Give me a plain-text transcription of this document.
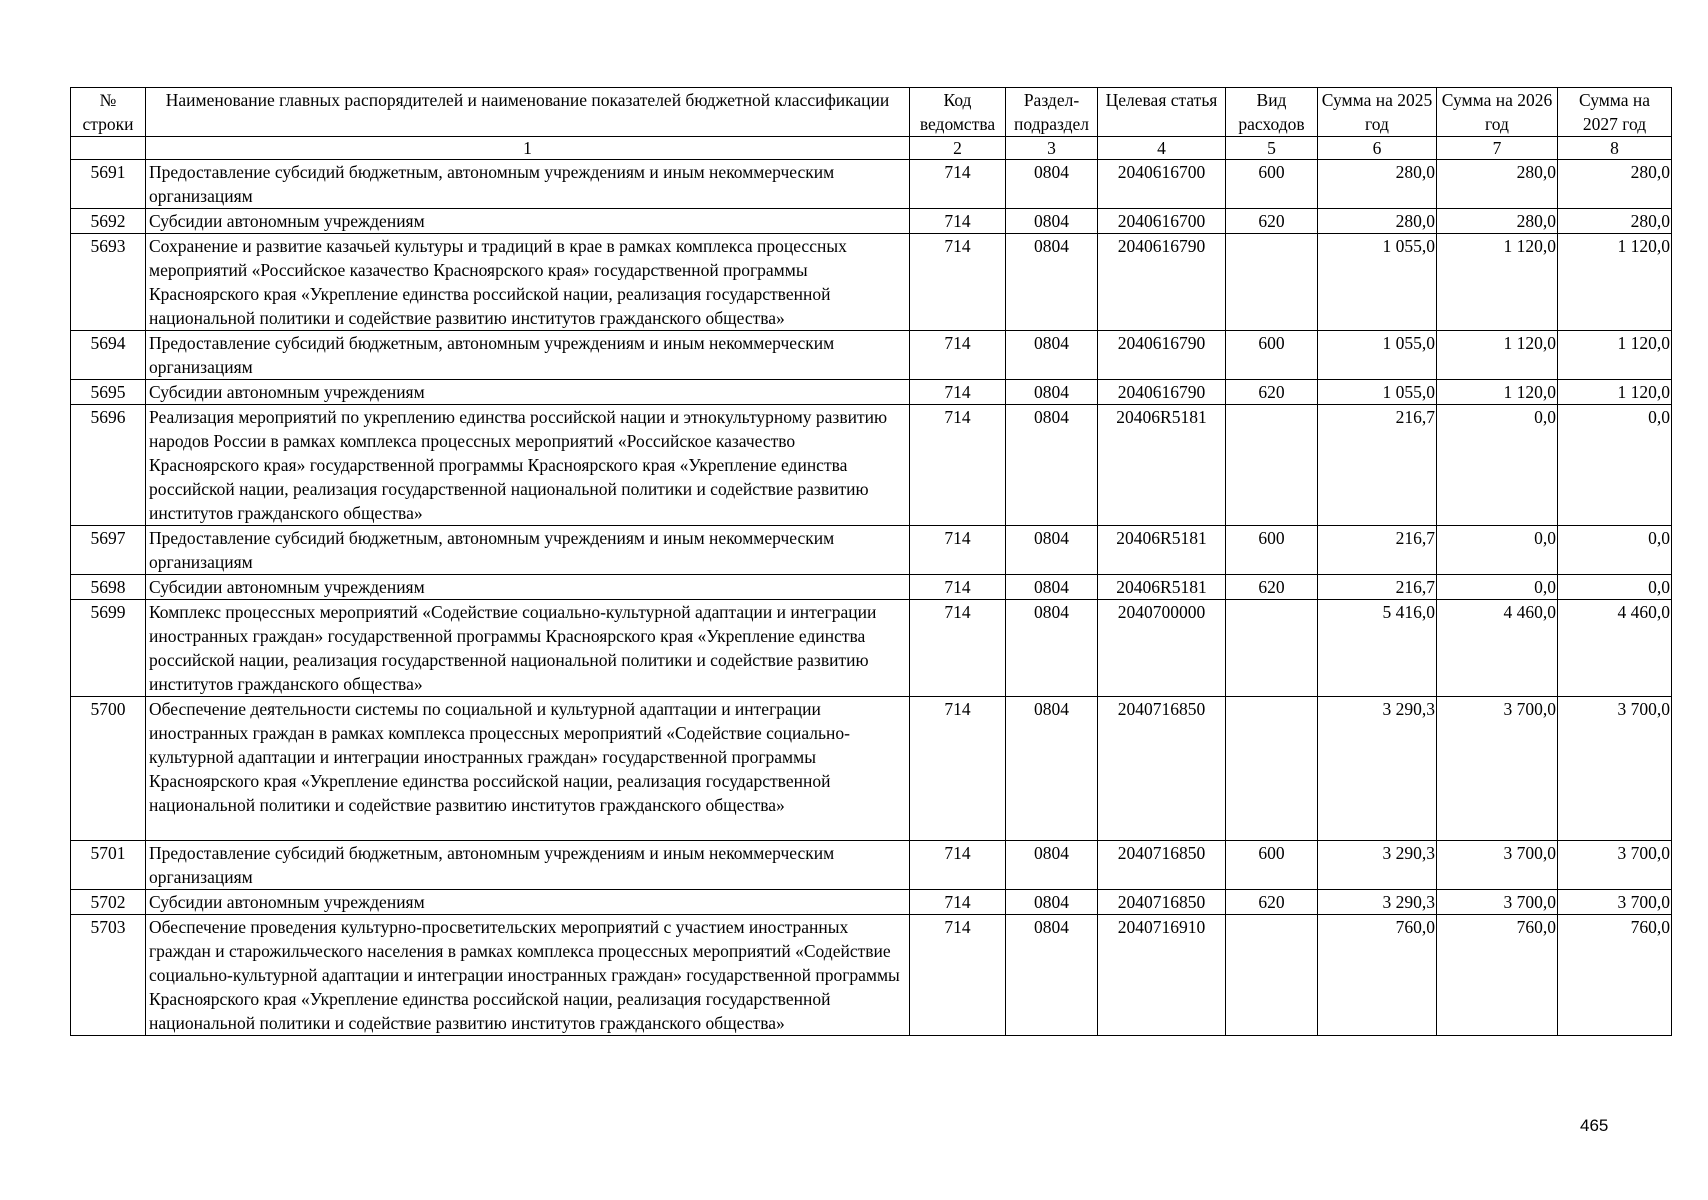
№ строки	Наименование главных распорядителей и наименование показателей бюджетной классификации	Код ведомства	Раздел-подраздел	Целевая статья	Вид расходов	Сумма на 2025 год	Сумма на 2026 год	Сумма на 2027 год
	1	2	3	4	5	6	7	8
5691	Предоставление субсидий бюджетным, автономным учреждениям и иным некоммерческим организациям	714	0804	2040616700	600	280,0	280,0	280,0
5692	Субсидии автономным учреждениям	714	0804	2040616700	620	280,0	280,0	280,0
5693	Сохранение и развитие казачьей культуры и традиций в крае в рамках комплекса процессных мероприятий «Российское казачество Красноярского края» государственной программы Красноярского края «Укрепление единства российской нации, реализация государственной национальной политики и содействие развитию институтов гражданского общества»	714	0804	2040616790		1 055,0	1 120,0	1 120,0
5694	Предоставление субсидий бюджетным, автономным учреждениям и иным некоммерческим организациям	714	0804	2040616790	600	1 055,0	1 120,0	1 120,0
5695	Субсидии автономным учреждениям	714	0804	2040616790	620	1 055,0	1 120,0	1 120,0
5696	Реализация мероприятий по укреплению единства российской нации и этнокультурному развитию народов России в рамках комплекса процессных мероприятий «Российское казачество Красноярского края» государственной программы Красноярского края «Укрепление единства российской нации, реализация государственной национальной политики и содействие развитию институтов гражданского общества»	714	0804	20406R5181		216,7	0,0	0,0
5697	Предоставление субсидий бюджетным, автономным учреждениям и иным некоммерческим организациям	714	0804	20406R5181	600	216,7	0,0	0,0
5698	Субсидии автономным учреждениям	714	0804	20406R5181	620	216,7	0,0	0,0
5699	Комплекс процессных мероприятий «Содействие социально-культурной адаптации и интеграции иностранных граждан» государственной программы Красноярского края «Укрепление единства российской нации, реализация государственной национальной политики и содействие развитию институтов гражданского общества»	714	0804	2040700000		5 416,0	4 460,0	4 460,0
5700	Обеспечение деятельности системы по социальной и культурной адаптации и интеграции иностранных граждан в рамках комплекса процессных мероприятий «Содействие социально-культурной адаптации и интеграции иностранных граждан» государственной программы Красноярского края «Укрепление единства российской нации, реализация государственной национальной политики и содействие развитию институтов гражданского общества»	714	0804	2040716850		3 290,3	3 700,0	3 700,0
5701	Предоставление субсидий бюджетным, автономным учреждениям и иным некоммерческим организациям	714	0804	2040716850	600	3 290,3	3 700,0	3 700,0
5702	Субсидии автономным учреждениям	714	0804	2040716850	620	3 290,3	3 700,0	3 700,0
5703	Обеспечение проведения культурно-просветительских мероприятий с участием иностранных граждан и старожильческого населения в рамках комплекса процессных мероприятий «Содействие социально-культурной адаптации и интеграции иностранных граждан» государственной программы Красноярского края «Укрепление единства российской нации, реализация государственной национальной политики и содействие развитию институтов гражданского общества»	714	0804	2040716910		760,0	760,0	760,0
465
